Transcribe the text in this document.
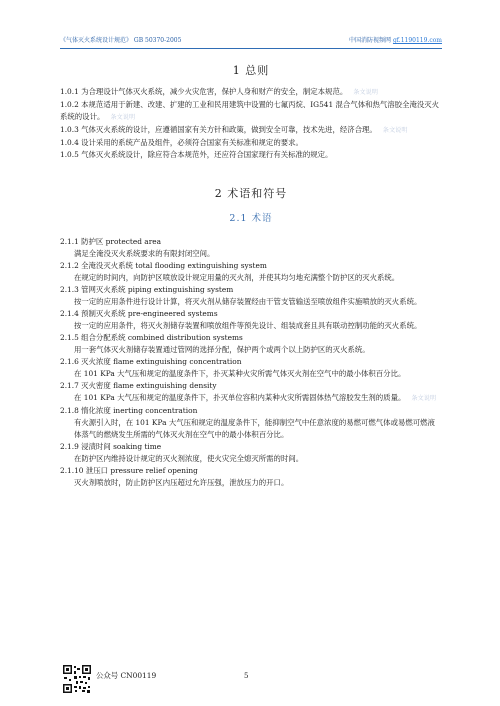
《气体灭火系统设计规范》 GB 50370-2005	中国消防视频网 gf.1190119.com
1 总则

1.0.1 为合理设计气体灭火系统，减少火灾危害，保护人身和财产的安全，制定本规范。 条文说明

1.0.2 本规范适用于新建、改建、扩建的工业和民用建筑中设置的七氟丙烷、IG541 混合气体和热气溶胶全淹没灭火系统的设计。 条文说明

1.0.3 气体灭火系统的设计，应遵循国家有关方针和政策，做到安全可靠，技术先进，经济合理。 条文说明

1.0.4 设计采用的系统产品及组件，必须符合国家有关标准和规定的要求。

1.0.5 气体灭火系统设计，除应符合本规范外，还应符合国家现行有关标准的规定。

2 术语和符号
2.1 术语

2.1.1 防护区 protected area

满足全淹没灭火系统要求的有限封闭空间。

2.1.2 全淹没灭火系统 total flooding extinguishing system

在规定的时间内，向防护区喷放设计规定用量的灭火剂，并使其均匀地充满整个防护区的灭火系统。

2.1.3 管网灭火系统 piping extinguishing system

按一定的应用条件进行设计计算，将灭火剂从储存装置经由干管支管输送至喷放组件实施喷放的灭火系统。

2.1.4 预制灭火系统 pre-engineered systems

按一定的应用条件，将灭火剂储存装置和喷放组件等预先设计、组装成套且具有联动控制功能的灭火系统。

2.1.5 组合分配系统 combined distribution systems

用一套气体灭火剂储存装置通过管网的选择分配，保护两个或两个以上防护区的灭火系统。

2.1.6 灭火浓度 flame extinguishing concentration

在 101 KPa 大气压和规定的温度条件下，扑灭某种火灾所需气体灭火剂在空气中的最小体积百分比。

2.1.7 灭火密度 flame extinguishing density

在 101 KPa 大气压和规定的温度条件下，扑灭单位容积内某种火灾所需固体热气溶胶发生剂的质量。 条文说明

2.1.8 惰化浓度 inerting concentration

有火源引入时，在 101 KPa 大气压和规定的温度条件下，能抑制空气中任意浓度的易燃可燃气体或易燃可燃液体蒸气的燃烧发生所需的气体灭火剂在空气中的最小体积百分比。

2.1.9 浸渍时间 soaking time

在防护区内维持设计规定的灭火剂浓度，使火灾完全熄灭所需的时间。

2.1.10 泄压口 pressure relief opening

灭火剂喷放时，防止防护区内压超过允许压强，泄放压力的开口。

公众号 CN00119	5
